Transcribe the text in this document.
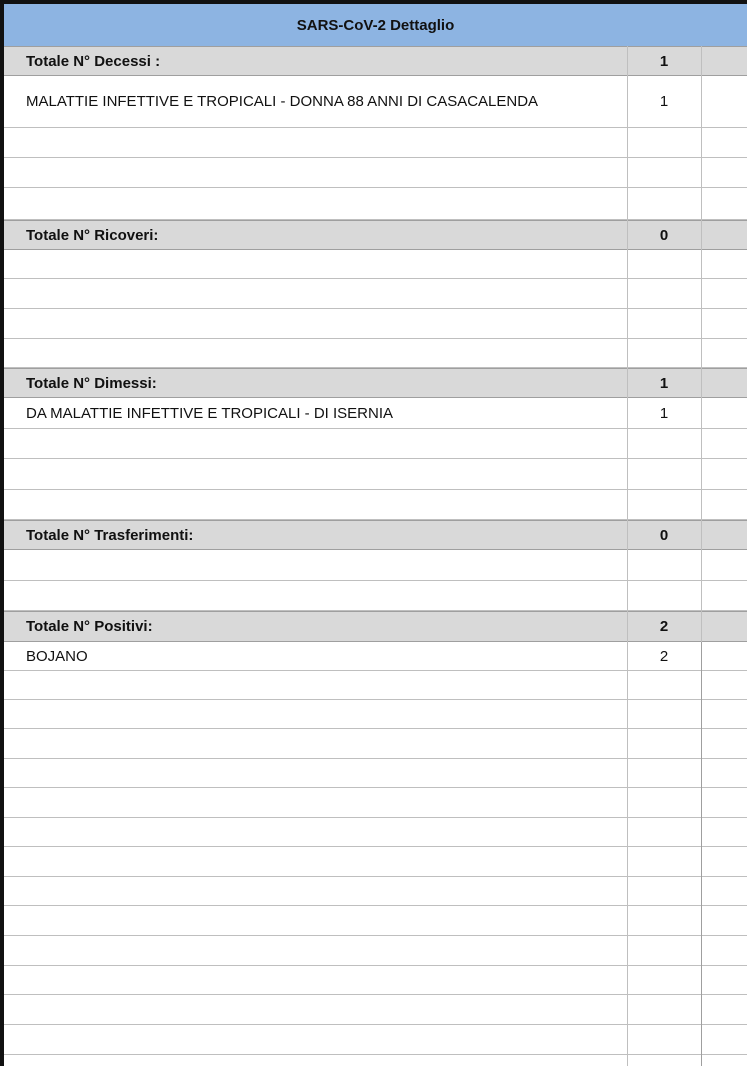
SARS-CoV-2 Dettaglio
Totale N° Decessi :	1
MALATTIE INFETTIVE E TROPICALI - DONNA 88 ANNI DI CASACALENDA	1
Totale N° Ricoveri:	0
Totale N° Dimessi:	1
DA MALATTIE INFETTIVE E TROPICALI - DI ISERNIA	1
Totale N° Trasferimenti:	0
Totale N° Positivi:	2
BOJANO	2
